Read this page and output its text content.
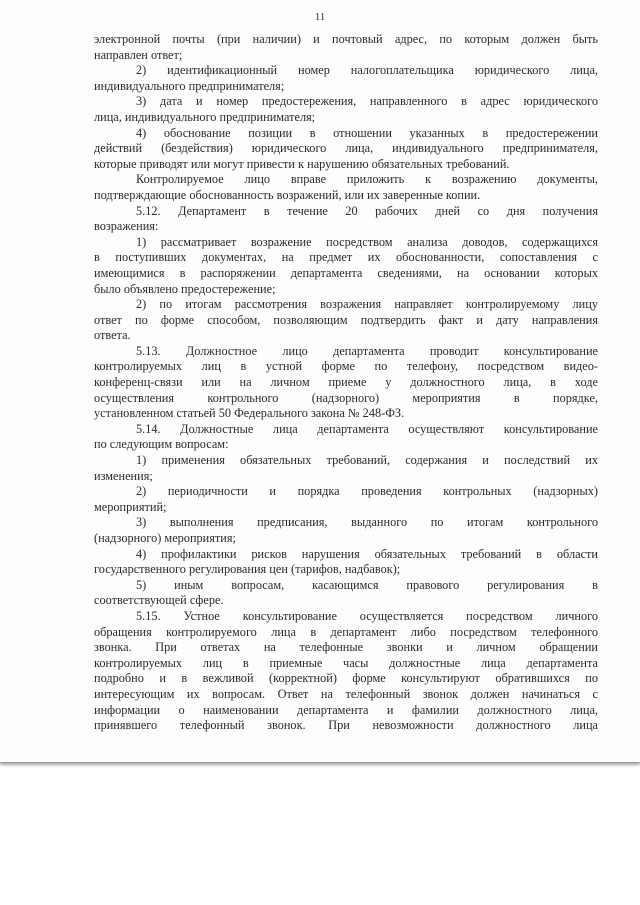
11
электронной почты (при наличии) и почтовый адрес, по которым должен быть
направлен ответ;
2) идентификационный номер налогоплательщика юридического лица,
индивидуального предпринимателя;
3) дата и номер предостережения, направленного в адрес юридического
лица, индивидуального предпринимателя;
4) обоснование позиции в отношении указанных в предостережении
действий (бездействия) юридического лица, индивидуального предпринимателя,
которые приводят или могут привести к нарушению обязательных требований.
Контролируемое лицо вправе приложить к возражению документы,
подтверждающие обоснованность возражений, или их заверенные копии.
5.12. Департамент в течение 20 рабочих дней со дня получения
возражения:
1) рассматривает возражение посредством анализа доводов, содержащихся
в поступивших документах, на предмет их обоснованности, сопоставления с
имеющимися в распоряжении департамента сведениями, на основании которых
было объявлено предостережение;
2) по итогам рассмотрения возражения направляет контролируемому лицу
ответ по форме способом, позволяющим подтвердить факт и дату направления
ответа.
5.13. Должностное лицо департамента проводит консультирование
контролируемых лиц в устной форме по телефону, посредством видео-
конференц-связи или на личном приеме у должностного лица, в ходе
осуществления контрольного (надзорного) мероприятия в порядке,
установленном статьей 50 Федерального закона № 248-ФЗ.
5.14. Должностные лица департамента осуществляют консультирование
по следующим вопросам:
1) применения обязательных требований, содержания и последствий их
изменения;
2) периодичности и порядка проведения контрольных (надзорных)
мероприятий;
3) выполнения предписания, выданного по итогам контрольного
(надзорного) мероприятия;
4) профилактики рисков нарушения обязательных требований в области
государственного регулирования цен (тарифов, надбавок);
5) иным вопросам, касающимся правового регулирования в
соответствующей сфере.
5.15. Устное консультирование осуществляется посредством личного
обращения контролируемого лица в департамент либо посредством телефонного
звонка. При ответах на телефонные звонки и личном обращении
контролируемых лиц в приемные часы должностные лица департамента
подробно и в вежливой (корректной) форме консультируют обратившихся по
интересующим их вопросам. Ответ на телефонный звонок должен начинаться с
информации о наименовании департамента и фамилии должностного лица,
принявшего телефонный звонок. При невозможности должностного лица
